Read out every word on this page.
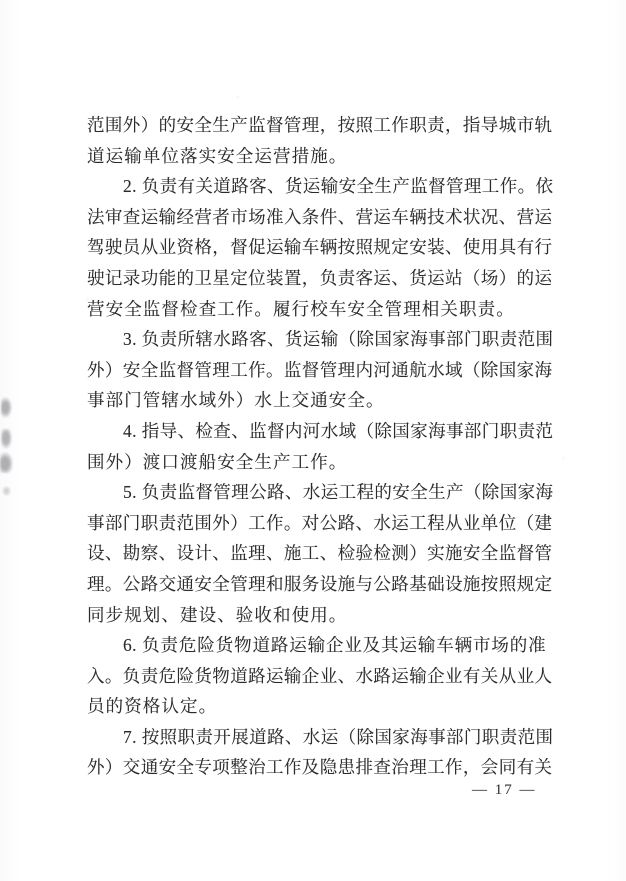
范围外）的安全生产监督管理，按照工作职责，指导城市轨
道运输单位落实安全运营措施。
2. 负责有关道路客、货运输安全生产监督管理工作。依
法审查运输经营者市场准入条件、营运车辆技术状况、营运
驾驶员从业资格，督促运输车辆按照规定安装、使用具有行
驶记录功能的卫星定位装置，负责客运、货运站（场）的运
营安全监督检查工作。履行校车安全管理相关职责。
3. 负责所辖水路客、货运输（除国家海事部门职责范围
外）安全监督管理工作。监督管理内河通航水域（除国家海
事部门管辖水域外）水上交通安全。
4. 指导、检查、监督内河水域（除国家海事部门职责范
围外）渡口渡船安全生产工作。
5. 负责监督管理公路、水运工程的安全生产（除国家海
事部门职责范围外）工作。对公路、水运工程从业单位（建
设、勘察、设计、监理、施工、检验检测）实施安全监督管
理。公路交通安全管理和服务设施与公路基础设施按照规定
同步规划、建设、验收和使用。
6. 负责危险货物道路运输企业及其运输车辆市场的准
入。负责危险货物道路运输企业、水路运输企业有关从业人
员的资格认定。
7. 按照职责开展道路、水运（除国家海事部门职责范围
外）交通安全专项整治工作及隐患排查治理工作，会同有关
— 17 —
